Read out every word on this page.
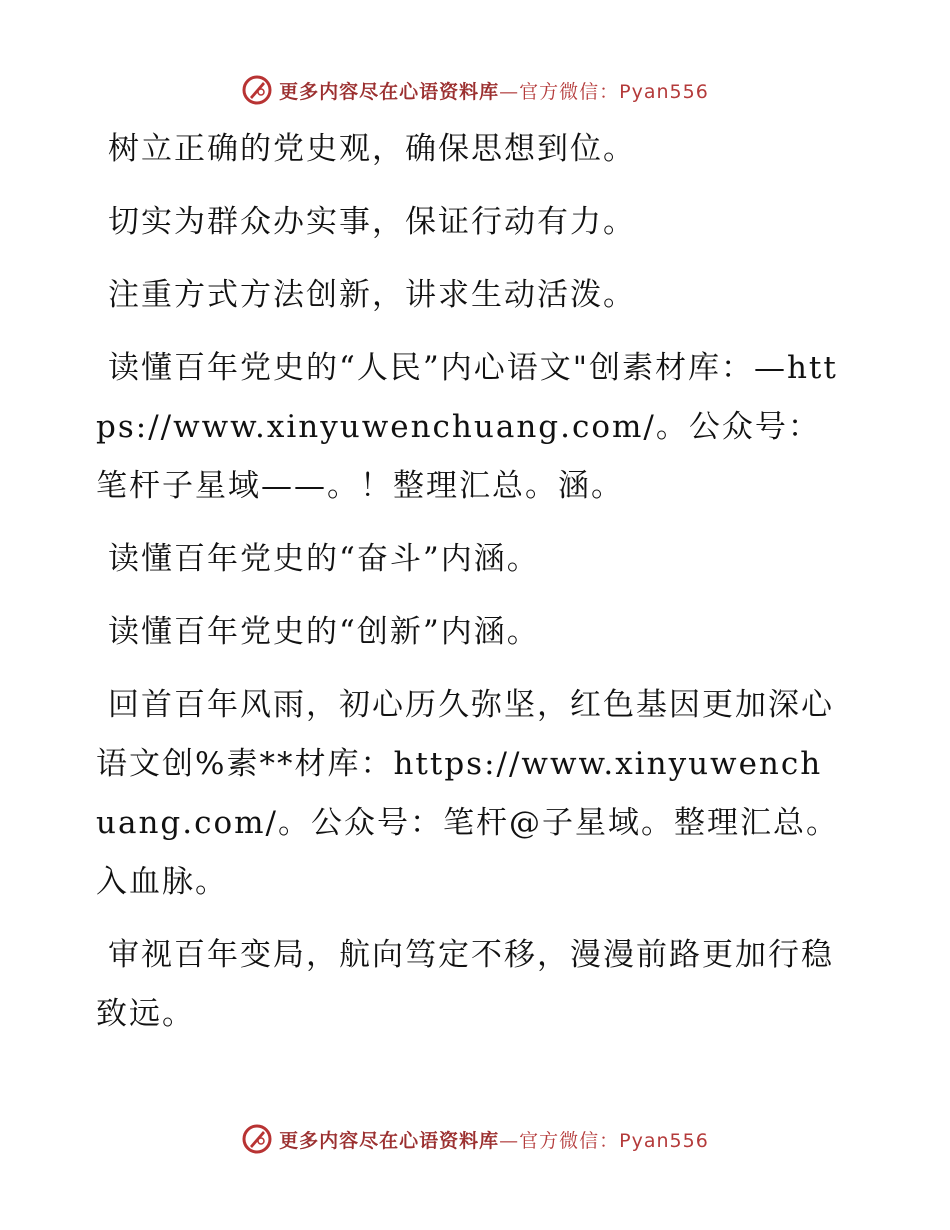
更多内容尽在心语资料库—官方微信：Pyan556

树立正确的党史观，确保思想到位。

切实为群众办实事，保证行动有力。

注重方式方法创新，讲求生动活泼。

读懂百年党史的“人民”内心语文"创素材库：—https://www.xinyuwenchuang.com/。公众号：笔杆子星域——。！整理汇总。涵。

读懂百年党史的“奋斗”内涵。

读懂百年党史的“创新”内涵。

回首百年风雨，初心历久弥坚，红色基因更加深心语文创%素**材库：https://www.xinyuwenchuang.com/。公众号：笔杆@子星域。整理汇总。入血脉。

审视百年变局，航向笃定不移，漫漫前路更加行稳致远。

更多内容尽在心语资料库—官方微信：Pyan556
